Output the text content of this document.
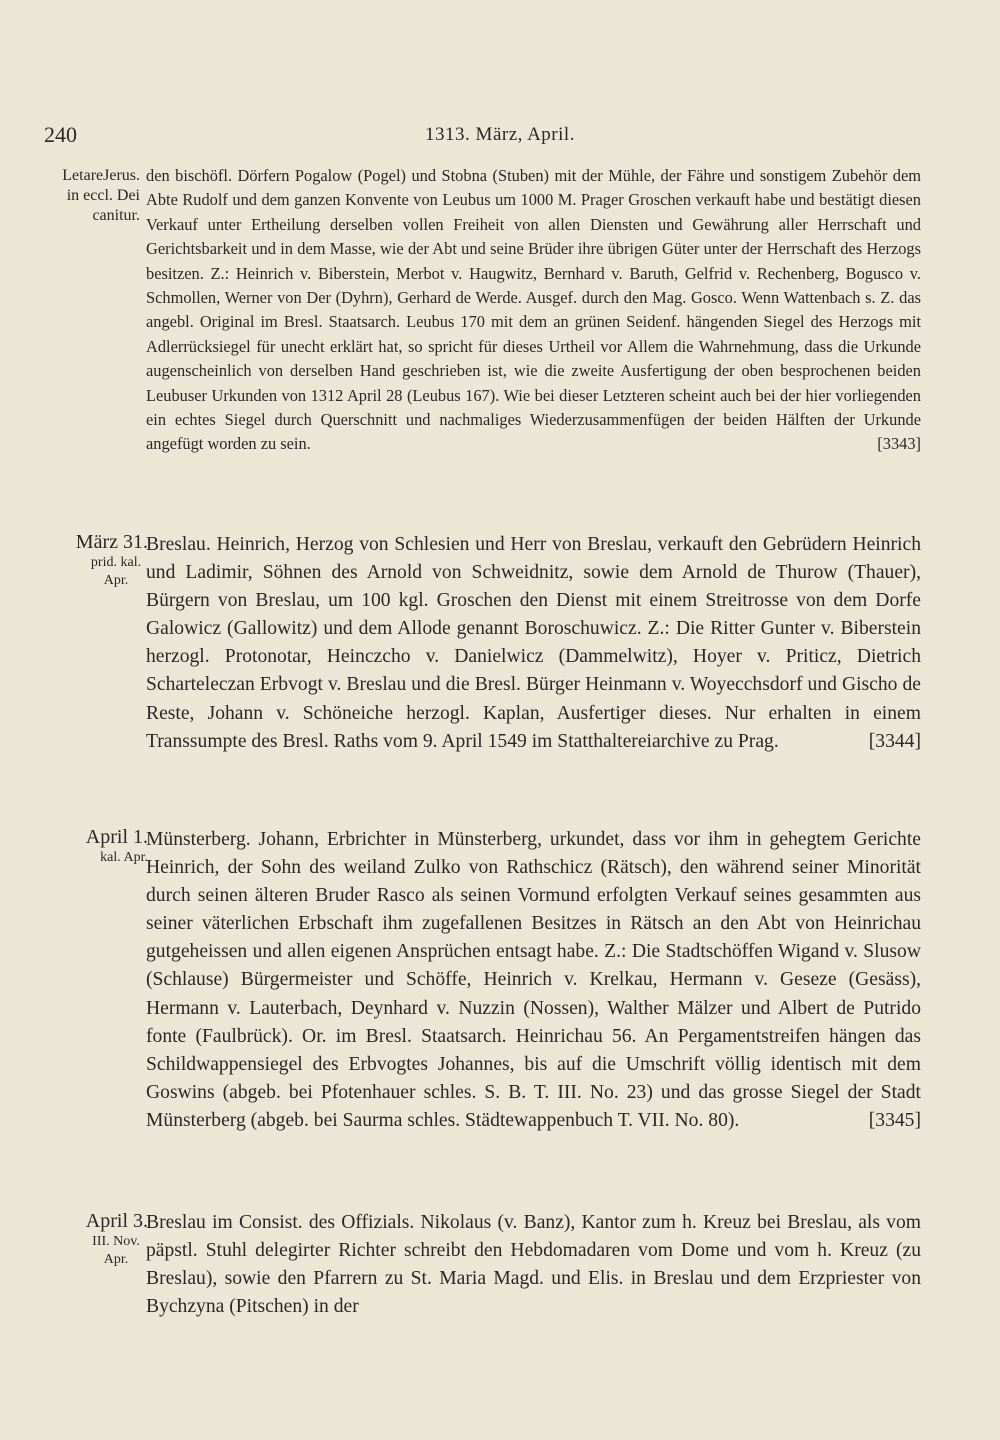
240	1313. März, April.
LetareJerus.
in eccl. Dei
canitur.
März 31.
prid. kal.
Apr.
April 1.
kal. Apr.
April 3.
III. Nov.
Apr.

den bischöfl. Dörfern Pogalow (Pogel) und Stobna (Stuben) mit der Mühle, der Fähre und sonstigem Zubehör dem Abte Rudolf und dem ganzen Konvente von Leubus um 1000 M. Prager Groschen verkauft habe und bestätigt diesen Verkauf unter Ertheilung derselben vollen Freiheit von allen Diensten und Gewährung aller Herrschaft und Gerichtsbarkeit und in dem Masse, wie der Abt und seine Brüder ihre übrigen Güter unter der Herrschaft des Herzogs besitzen. Z.: Heinrich v. Biberstein, Merbot v. Haugwitz, Bernhard v. Baruth, Gelfrid v. Rechenberg, Bogusco v. Schmollen, Werner von Der (Dyhrn), Gerhard de Werde. Ausgef. durch den Mag. Gosco. Wenn Wattenbach s. Z. das angebl. Original im Bresl. Staatsarch. Leubus 170 mit dem an grünen Seidenf. hängenden Siegel des Herzogs mit Adlerrücksiegel für unecht erklärt hat, so spricht für dieses Urtheil vor Allem die Wahrnehmung, dass die Urkunde augenscheinlich von derselben Hand geschrieben ist, wie die zweite Ausfertigung der oben besprochenen beiden Leubuser Urkunden von 1312 April 28 (Leubus 167). Wie bei dieser Letzteren scheint auch bei der hier vorliegenden ein echtes Siegel durch Querschnitt und nachmaliges Wiederzusammenfügen der beiden Hälften der Urkunde angefügt worden zu sein.	[3343]

Breslau. Heinrich, Herzog von Schlesien und Herr von Breslau, verkauft den Gebrüdern Heinrich und Ladimir, Söhnen des Arnold von Schweidnitz, sowie dem Arnold de Thurow (Thauer), Bürgern von Breslau, um 100 kgl. Groschen den Dienst mit einem Streitrosse von dem Dorfe Galowicz (Gallowitz) und dem Allode genannt Boroschuwicz. Z.: Die Ritter Gunter v. Biberstein herzogl. Protonotar, Heinczcho v. Danielwicz (Dammelwitz), Hoyer v. Priticz, Dietrich Scharteleczan Erbvogt v. Breslau und die Bresl. Bürger Heinmann v. Woyecchsdorf und Gischo de Reste, Johann v. Schöneiche herzogl. Kaplan, Ausfertiger dieses. Nur erhalten in einem Transsumpte des Bresl. Raths vom 9. April 1549 im Statthaltereiarchive zu Prag.	[3344]

Münsterberg. Johann, Erbrichter in Münsterberg, urkundet, dass vor ihm in gehegtem Gerichte Heinrich, der Sohn des weiland Zulko von Rathschicz (Rätsch), den während seiner Minorität durch seinen älteren Bruder Rasco als seinen Vormund erfolgten Verkauf seines gesammten aus seiner väterlichen Erbschaft ihm zugefallenen Besitzes in Rätsch an den Abt von Heinrichau gutgeheissen und allen eigenen Ansprüchen entsagt habe. Z.: Die Stadtschöffen Wigand v. Slusow (Schlause) Bürgermeister und Schöffe, Heinrich v. Krelkau, Hermann v. Geseze (Gesäss), Hermann v. Lauterbach, Deynhard v. Nuzzin (Nossen), Walther Mälzer und Albert de Putrido fonte (Faulbrück). Or. im Bresl. Staatsarch. Heinrichau 56. An Pergamentstreifen hängen das Schildwappensiegel des Erbvogtes Johannes, bis auf die Umschrift völlig identisch mit dem Goswins (abgeb. bei Pfotenhauer schles. S. B. T. III. No. 23) und das grosse Siegel der Stadt Münsterberg (abgeb. bei Saurma schles. Städtewappenbuch T. VII. No. 80).	[3345]

Breslau im Consist. des Offizials. Nikolaus (v. Banz), Kantor zum h. Kreuz bei Breslau, als vom päpstl. Stuhl delegirter Richter schreibt den Hebdomadaren vom Dome und vom h. Kreuz (zu Breslau), sowie den Pfarrern zu St. Maria Magd. und Elis. in Breslau und dem Erzpriester von Bychzyna (Pitschen) in der
